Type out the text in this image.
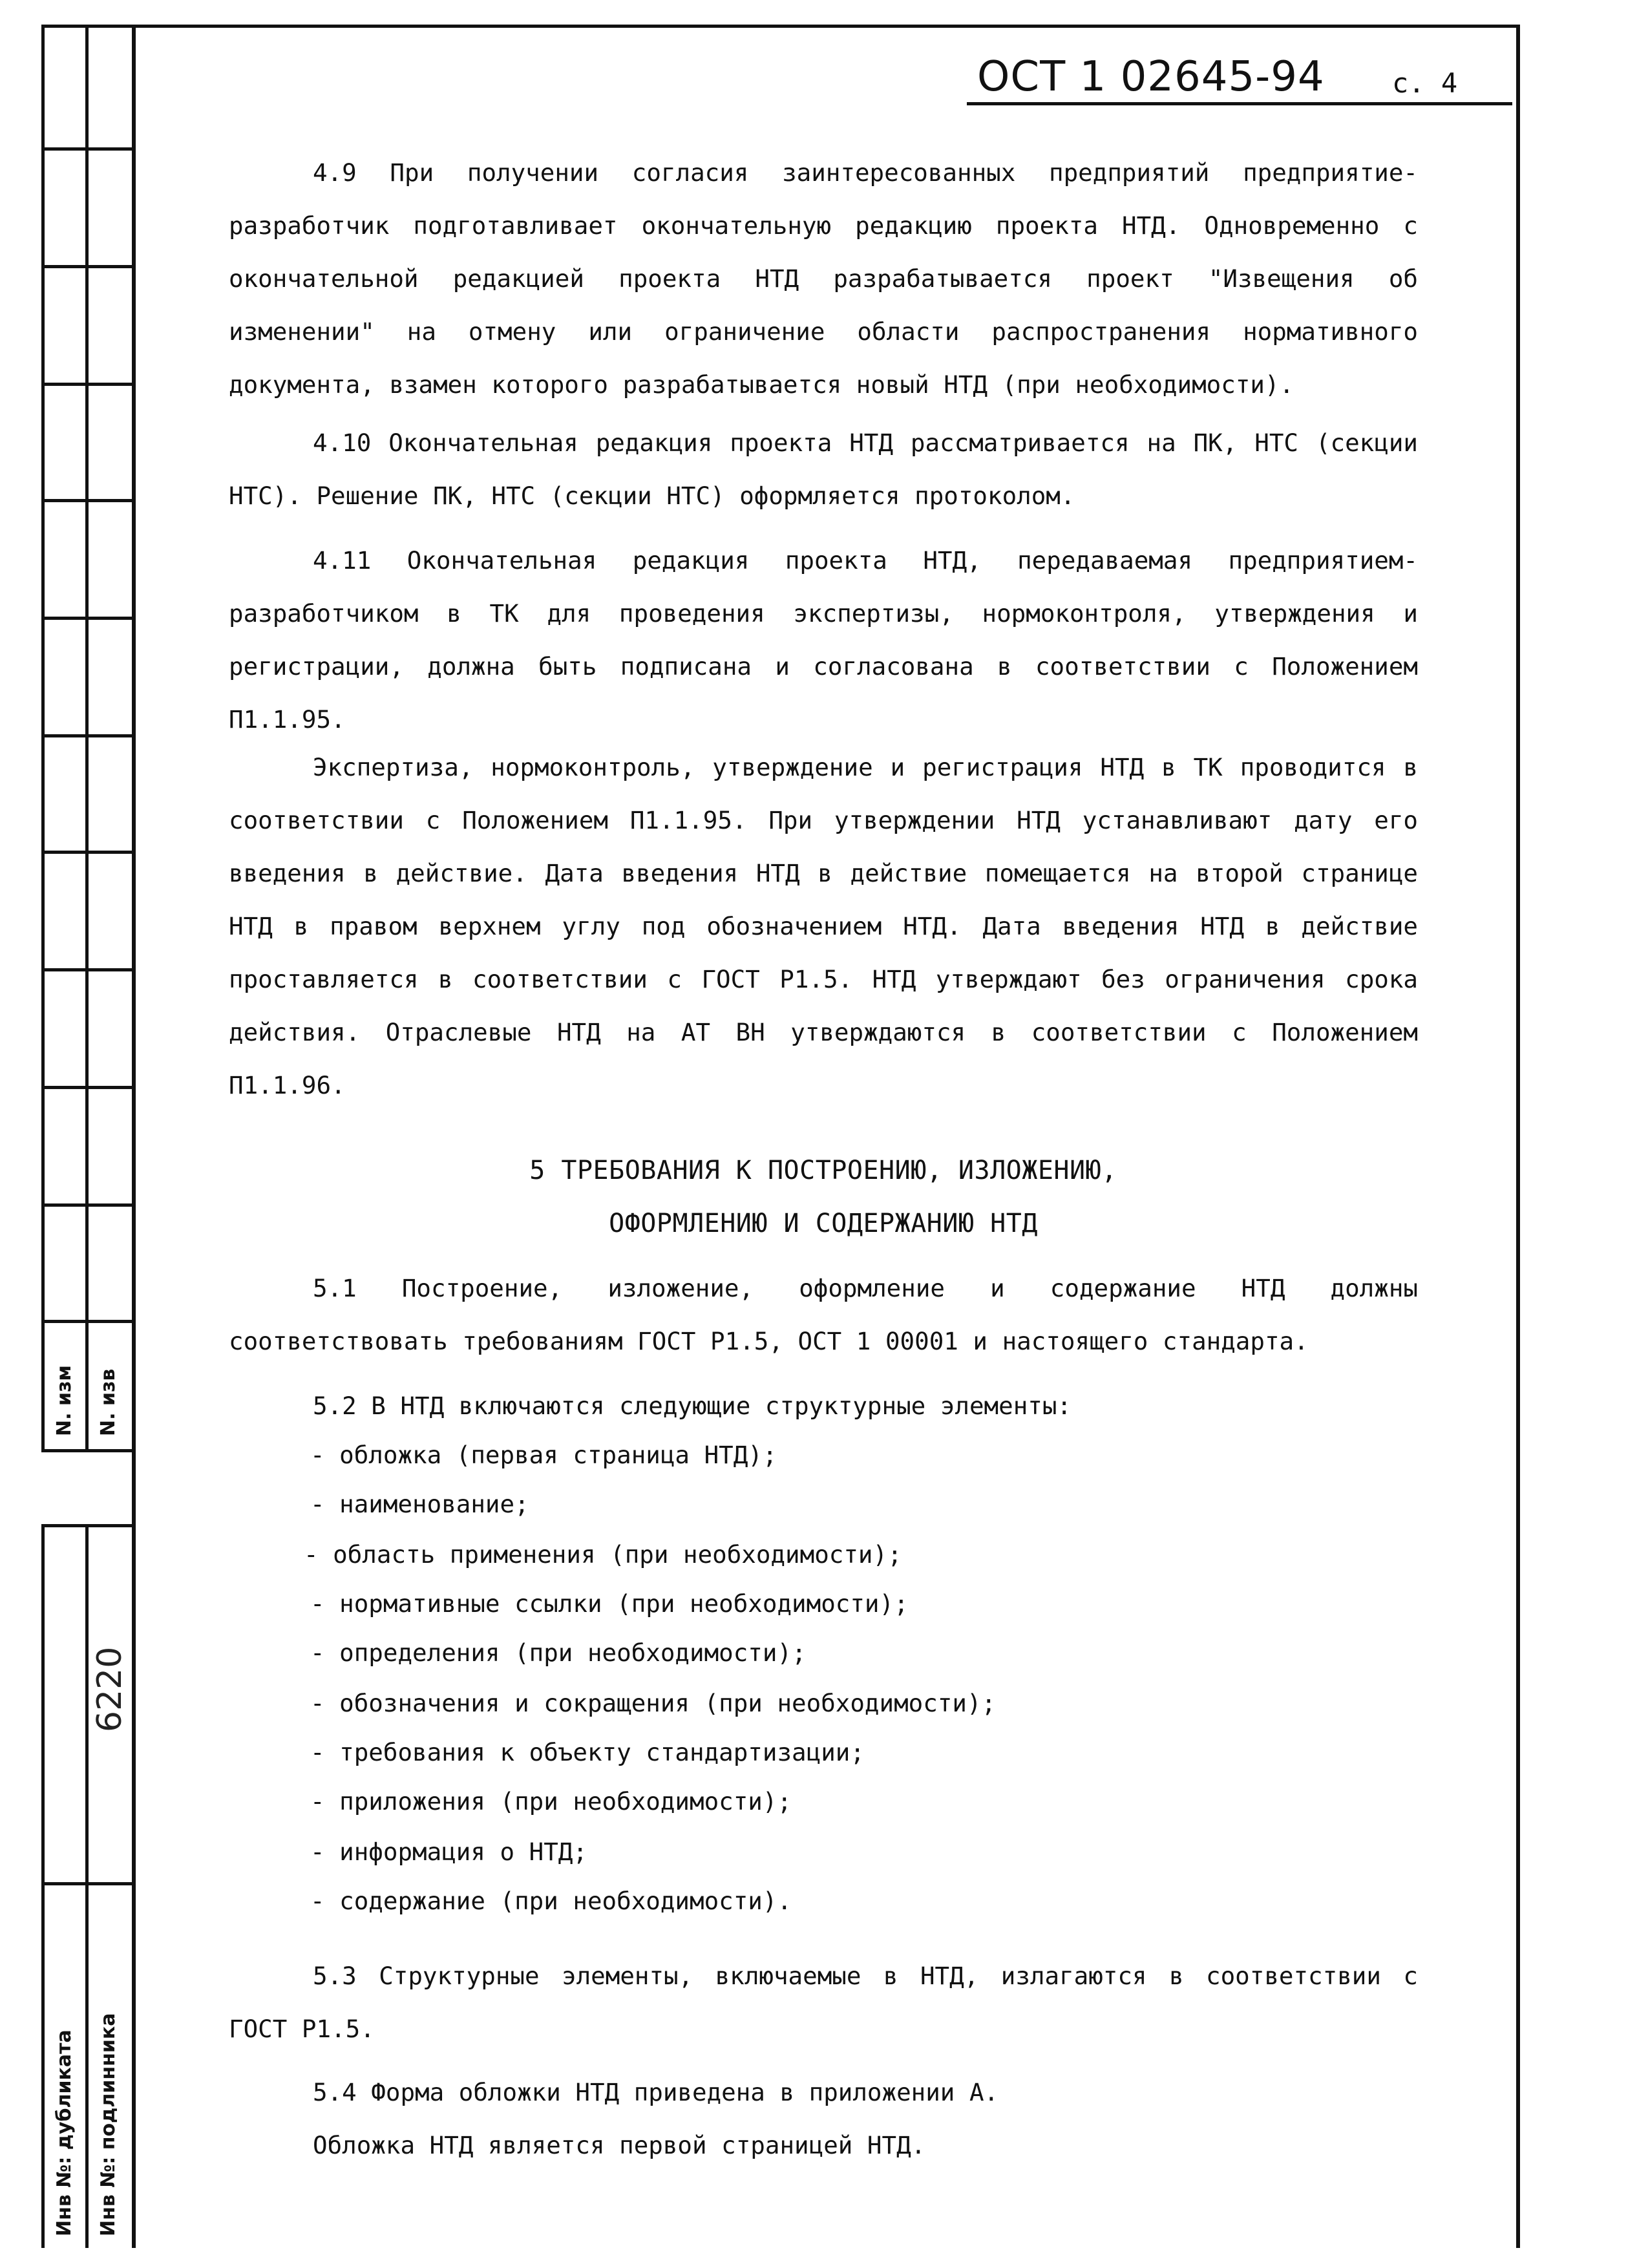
N. изм N. изв
6220
Инв №: дубликата Инв №: подлинника
ОСТ 1 02645-94 с. 4

4.9 При получении согласия заинтересованных предприятий предприятие-разработчик подготавливает окончательную редакцию проекта НТД. Одновременно с окончательной редакцией проекта НТД разрабатывается проект "Извещения об изменении" на отмену или ограничение области распространения нормативного документа, взамен которого разрабатывается новый НТД (при необходимости).

4.10 Окончательная редакция проекта НТД рассматривается на ПК, НТС (секции НТС). Решение ПК, НТС (секции НТС) оформляется протоколом.

4.11 Окончательная редакция проекта НТД, передаваемая предприятием-разработчиком в ТК для проведения экспертизы, нормоконтроля, утверждения и регистрации, должна быть подписана и согласована в соответствии с Положением П1.1.95.

Экспертиза, нормоконтроль, утверждение и регистрация НТД в ТК проводится в соответствии с Положением П1.1.95. При утверждении НТД устанавливают дату его введения в действие. Дата введения НТД в действие помещается на второй странице НТД в правом верхнем углу под обозначением НТД. Дата введения НТД в действие проставляется в соответствии с ГОСТ Р1.5. НТД утверждают без ограничения срока действия. Отраслевые НТД на АТ ВН утверждаются в соответствии с Положением П1.1.96.

5 ТРЕБОВАНИЯ К ПОСТРОЕНИЮ, ИЗЛОЖЕНИЮ,

ОФОРМЛЕНИЮ И СОДЕРЖАНИЮ НТД

5.1 Построение, изложение, оформление и содержание НТД должны соответствовать требованиям ГОСТ Р1.5, ОСТ 1 00001 и настоящего стандарта.

5.2 В НТД включаются следующие структурные элементы:

- обложка (первая страница НТД);

- наименование;

- область применения (при необходимости);

- нормативные ссылки (при необходимости);

- определения (при необходимости);

- обозначения и сокращения (при необходимости);

- требования к объекту стандартизации;

- приложения (при необходимости);

- информация о НТД;

- содержание (при необходимости).

5.3 Структурные элементы, включаемые в НТД, излагаются в соответствии с ГОСТ Р1.5.

5.4 Форма обложки НТД приведена в приложении А.

Обложка НТД является первой страницей НТД.
